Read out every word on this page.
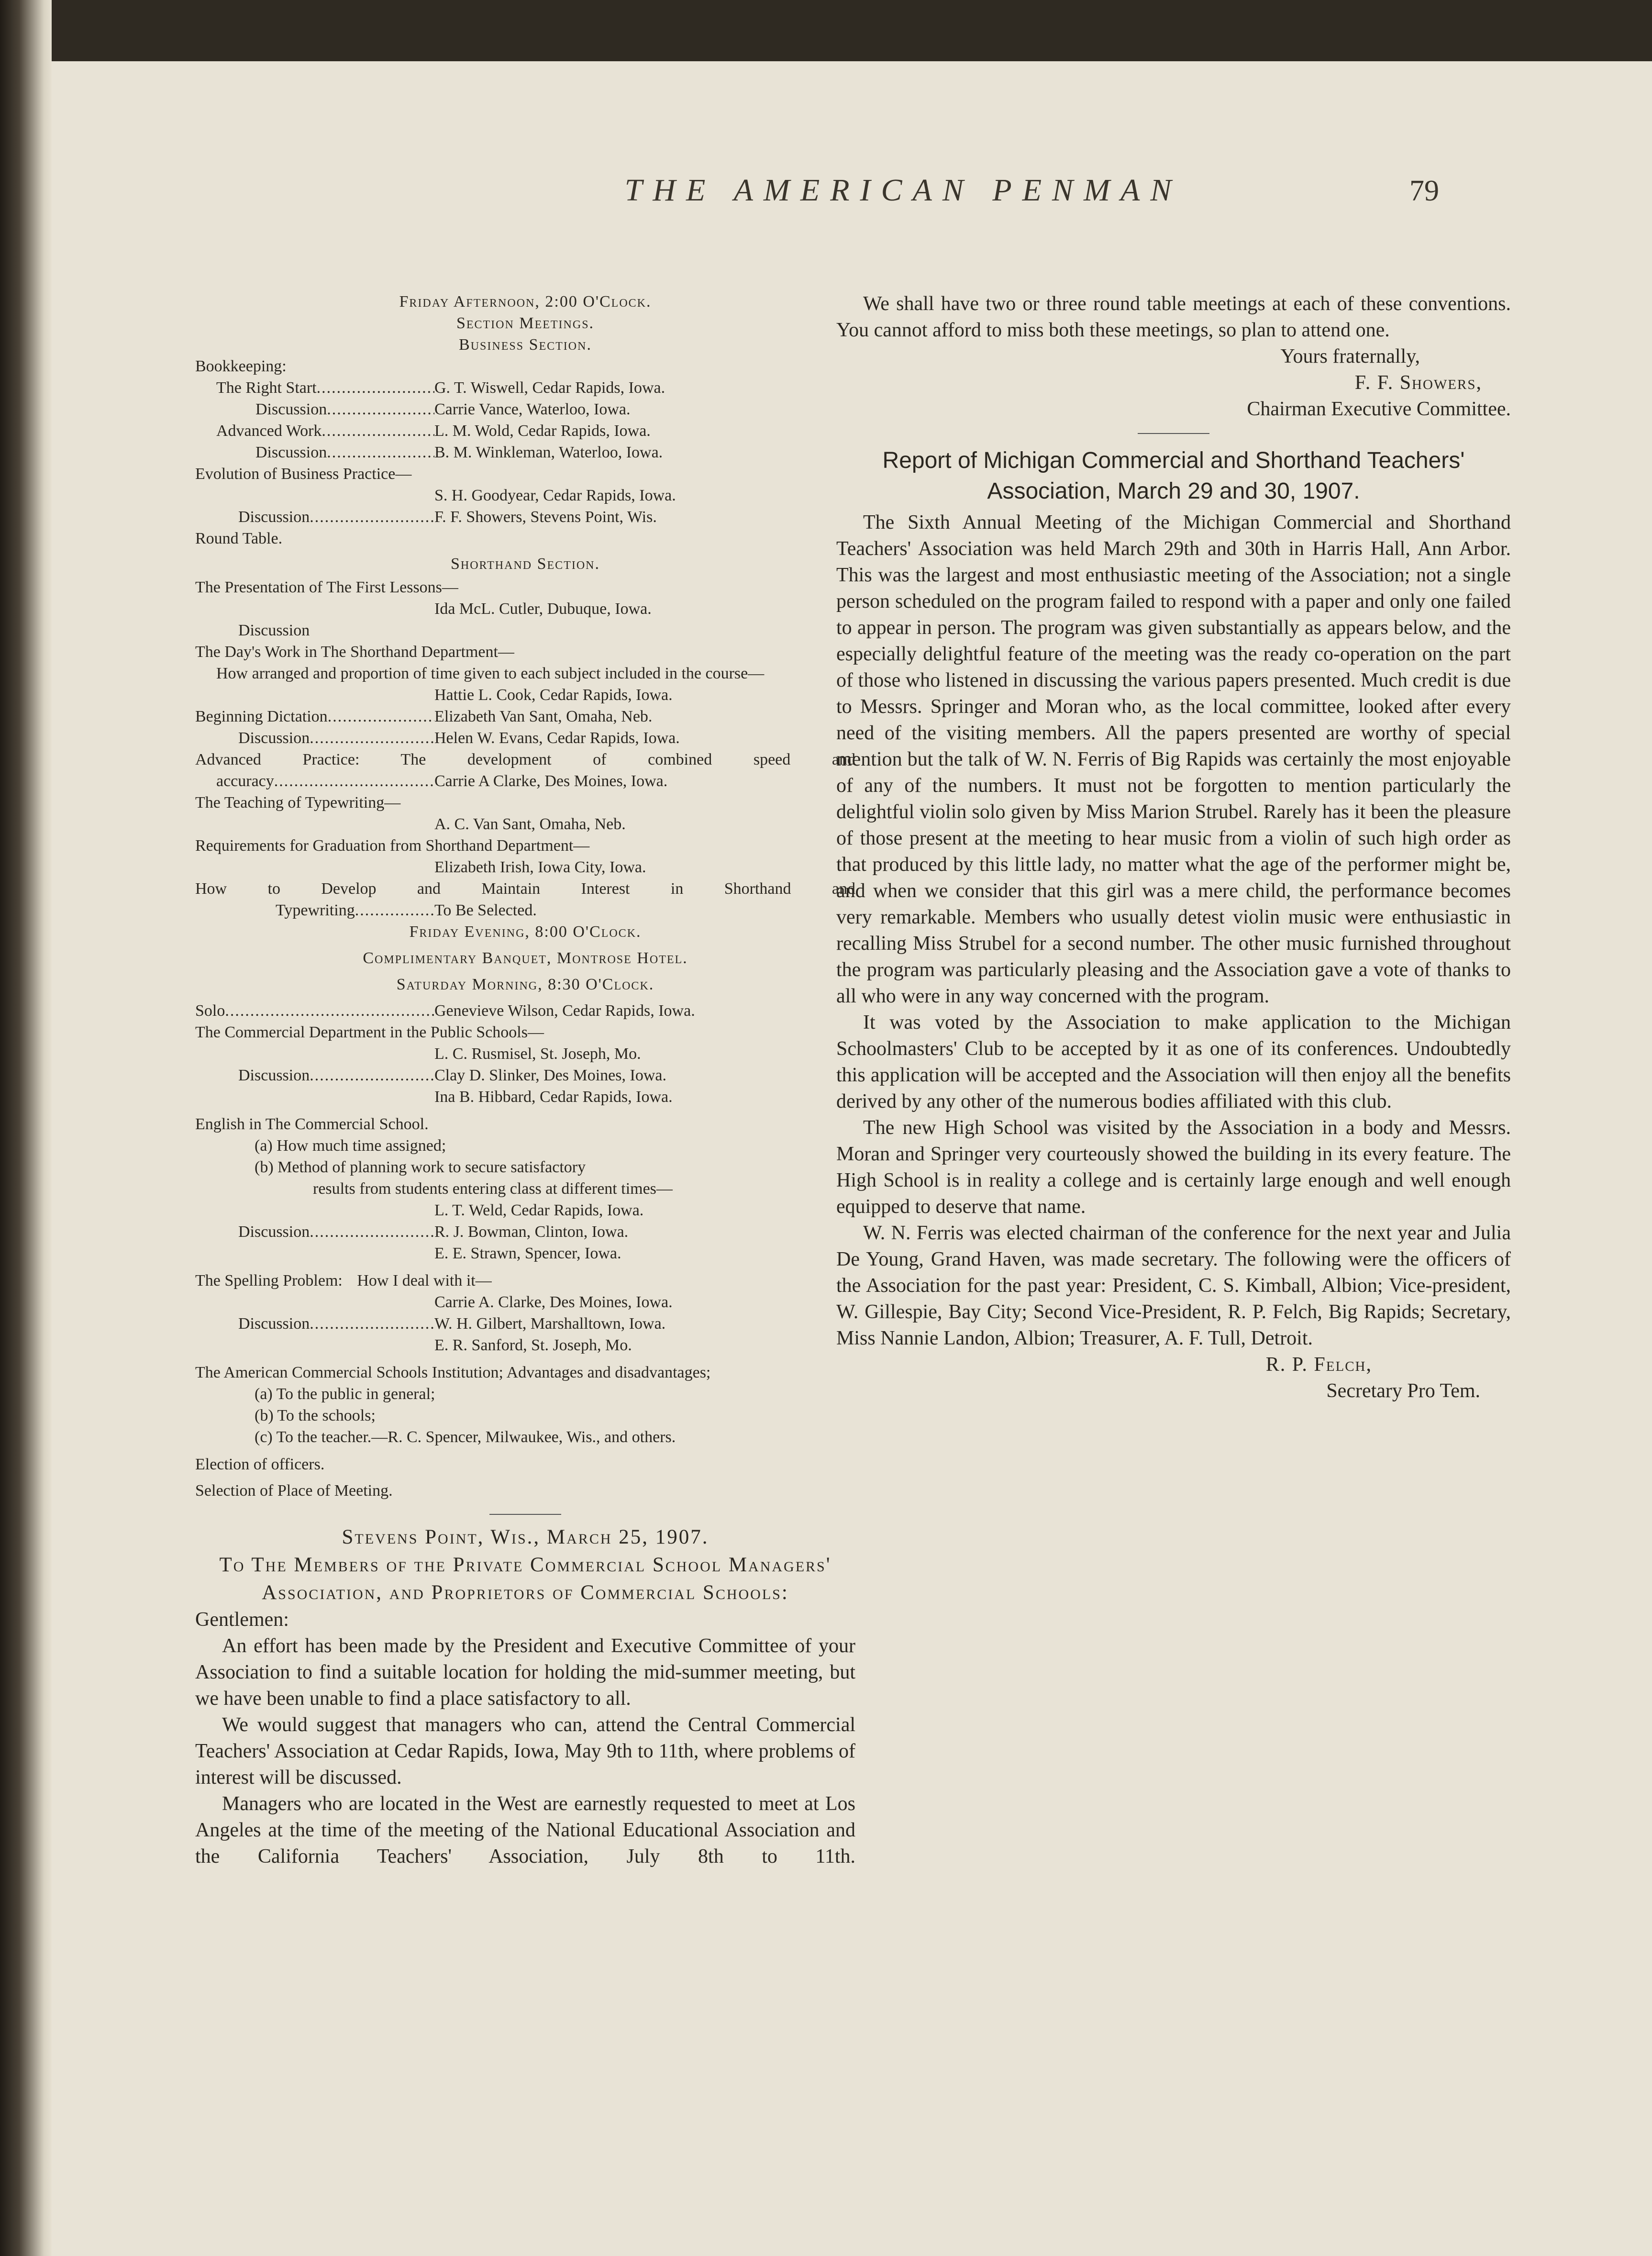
THE AMERICAN PENMAN	79
Friday Afternoon, 2:00 O'Clock.
Section Meetings.
Business Section.
Bookkeeping:
The Right Start .....	G. T. Wiswell, Cedar Rapids, Iowa.
Discussion .....	Carrie Vance, Waterloo, Iowa.
Advanced Work .....	L. M. Wold, Cedar Rapids, Iowa.
Discussion .....	B. M. Winkleman, Waterloo, Iowa.
Evolution of Business Practice—
S. H. Goodyear, Cedar Rapids, Iowa.
Discussion .....	F. F. Showers, Stevens Point, Wis.
Round Table.
Shorthand Section.
The Presentation of The First Lessons—
Ida McL. Cutler, Dubuque, Iowa.
Discussion
The Day's Work in The Shorthand Department—
How arranged and proportion of time given to each subject included in the course—
Hattie L. Cook, Cedar Rapids, Iowa.
Beginning Dictation .....	Elizabeth Van Sant, Omaha, Neb.
Discussion .....	Helen W. Evans, Cedar Rapids, Iowa.
Advanced Practice: The development of combined speed and
accuracy .....	Carrie A Clarke, Des Moines, Iowa.
The Teaching of Typewriting—
A. C. Van Sant, Omaha, Neb.
Requirements for Graduation from Shorthand Department—
Elizabeth Irish, Iowa City, Iowa.
How to Develop and Maintain Interest in Shorthand and
Typewriting .....	To Be Selected.
Friday Evening, 8:00 O'Clock.
Complimentary Banquet, Montrose Hotel.
Saturday Morning, 8:30 O'Clock.
Solo .....	Genevieve Wilson, Cedar Rapids, Iowa.
The Commercial Department in the Public Schools—
L. C. Rusmisel, St. Joseph, Mo.
Discussion .....	Clay D. Slinker, Des Moines, Iowa.
Ina B. Hibbard, Cedar Rapids, Iowa.
English in The Commercial School.
(a) How much time assigned;
(b) Method of planning work to secure satisfactory
results from students entering class at different times—
L. T. Weld, Cedar Rapids, Iowa.
Discussion .....	R. J. Bowman, Clinton, Iowa.
E. E. Strawn, Spencer, Iowa.
The Spelling Problem: How I deal with it—
Carrie A. Clarke, Des Moines, Iowa.
Discussion .....	W. H. Gilbert, Marshalltown, Iowa.
E. R. Sanford, St. Joseph, Mo.
The American Commercial Schools Institution; Advantages and disadvantages;
(a) To the public in general;
(b) To the schools;
(c) To the teacher.—R. C. Spencer, Milwaukee, Wis., and others.
Election of officers.
Selection of Place of Meeting.
Stevens Point, Wis., March 25, 1907.
To The Members of the Private Commercial School Managers' Association, and Proprietors of Commercial Schools:
Gentlemen:

An effort has been made by the President and Executive Committee of your Association to find a suitable location for holding the mid-summer meeting, but we have been unable to find a place satisfactory to all.

We would suggest that managers who can, attend the Central Commercial Teachers' Association at Cedar Rapids, Iowa, May 9th to 11th, where problems of interest will be discussed.

Managers who are located in the West are earnestly requested to meet at Los Angeles at the time of the meeting of the National Educational Association and the California Teachers' Association, July 8th to 11th.

We shall have two or three round table meetings at each of these conventions. You cannot afford to miss both these meetings, so plan to attend one.

Yours fraternally,
F. F. Showers,
Chairman Executive Committee.
Report of Michigan Commercial and Shorthand Teachers' Association, March 29 and 30, 1907.

The Sixth Annual Meeting of the Michigan Commercial and Shorthand Teachers' Association was held March 29th and 30th in Harris Hall, Ann Arbor. This was the largest and most enthusiastic meeting of the Association; not a single person scheduled on the program failed to respond with a paper and only one failed to appear in person. The program was given substantially as appears below, and the especially delightful feature of the meeting was the ready co-operation on the part of those who listened in discussing the various papers presented. Much credit is due to Messrs. Springer and Moran who, as the local committee, looked after every need of the visiting members. All the papers presented are worthy of special mention but the talk of W. N. Ferris of Big Rapids was certainly the most enjoyable of any of the numbers. It must not be forgotten to mention particularly the delightful violin solo given by Miss Marion Strubel. Rarely has it been the pleasure of those present at the meeting to hear music from a violin of such high order as that produced by this little lady, no matter what the age of the performer might be, and when we consider that this girl was a mere child, the performance becomes very remarkable. Members who usually detest violin music were enthusiastic in recalling Miss Strubel for a second number. The other music furnished throughout the program was particularly pleasing and the Association gave a vote of thanks to all who were in any way concerned with the program.

It was voted by the Association to make application to the Michigan Schoolmasters' Club to be accepted by it as one of its conferences. Undoubtedly this application will be accepted and the Association will then enjoy all the benefits derived by any other of the numerous bodies affiliated with this club.

The new High School was visited by the Association in a body and Messrs. Moran and Springer very courteously showed the building in its every feature. The High School is in reality a college and is certainly large enough and well enough equipped to deserve that name.

W. N. Ferris was elected chairman of the conference for the next year and Julia De Young, Grand Haven, was made secretary. The following were the officers of the Association for the past year: President, C. S. Kimball, Albion; Vice-president, W. Gillespie, Bay City; Second Vice-President, R. P. Felch, Big Rapids; Secretary, Miss Nannie Landon, Albion; Treasurer, A. F. Tull, Detroit.

R. P. Felch,
Secretary Pro Tem.
